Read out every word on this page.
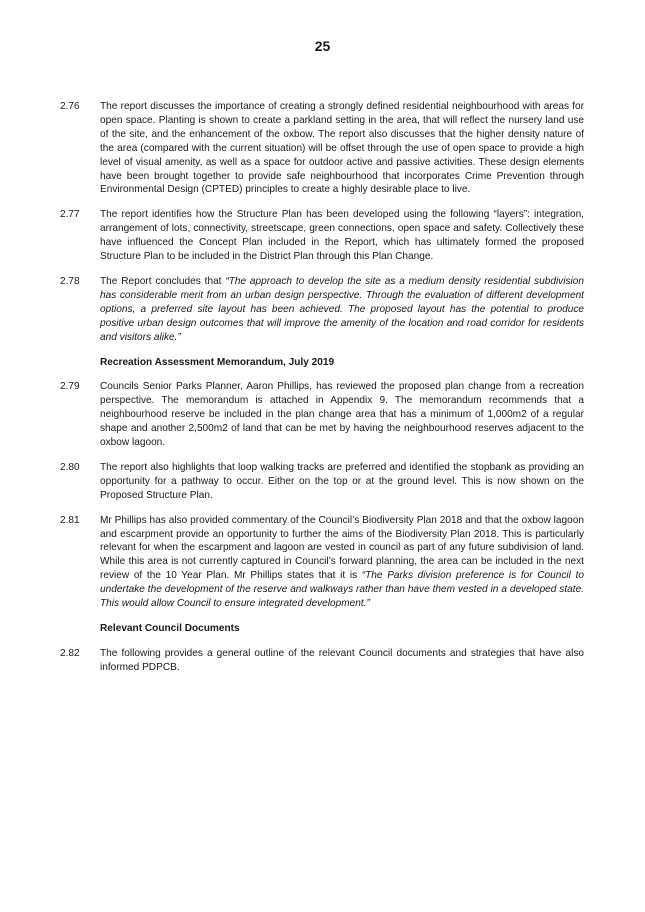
25
2.76	The report discusses the importance of creating a strongly defined residential neighbourhood with areas for open space. Planting is shown to create a parkland setting in the area, that will reflect the nursery land use of the site, and the enhancement of the oxbow. The report also discusses that the higher density nature of the area (compared with the current situation) will be offset through the use of open space to provide a high level of visual amenity, as well as a space for outdoor active and passive activities. These design elements have been brought together to provide safe neighbourhood that incorporates Crime Prevention through Environmental Design (CPTED) principles to create a highly desirable place to live.
2.77	The report identifies how the Structure Plan has been developed using the following “layers”: integration, arrangement of lots, connectivity, streetscape, green connections, open space and safety. Collectively these have influenced the Concept Plan included in the Report, which has ultimately formed the proposed Structure Plan to be included in the District Plan through this Plan Change.
2.78	The Report concludes that “The approach to develop the site as a medium density residential subdivision has considerable merit from an urban design perspective. Through the evaluation of different development options, a preferred site layout has been achieved. The proposed layout has the potential to produce positive urban design outcomes that will improve the amenity of the location and road corridor for residents and visitors alike.”
Recreation Assessment Memorandum, July 2019
2.79	Councils Senior Parks Planner, Aaron Phillips, has reviewed the proposed plan change from a recreation perspective. The memorandum is attached in Appendix 9. The memorandum recommends that a neighbourhood reserve be included in the plan change area that has a minimum of 1,000m2 of a regular shape and another 2,500m2 of land that can be met by having the neighbourhood reserves adjacent to the oxbow lagoon.
2.80	The report also highlights that loop walking tracks are preferred and identified the stopbank as providing an opportunity for a pathway to occur. Either on the top or at the ground level. This is now shown on the Proposed Structure Plan.
2.81	Mr Phillips has also provided commentary of the Council’s Biodiversity Plan 2018 and that the oxbow lagoon and escarpment provide an opportunity to further the aims of the Biodiversity Plan 2018. This is particularly relevant for when the escarpment and lagoon are vested in council as part of any future subdivision of land. While this area is not currently captured in Council’s forward planning, the area can be included in the next review of the 10 Year Plan. Mr Phillips states that it is “The Parks division preference is for Council to undertake the development of the reserve and walkways rather than have them vested in a developed state. This would allow Council to ensure integrated development.”
Relevant Council Documents
2.82	The following provides a general outline of the relevant Council documents and strategies that have also informed PDPCB.
